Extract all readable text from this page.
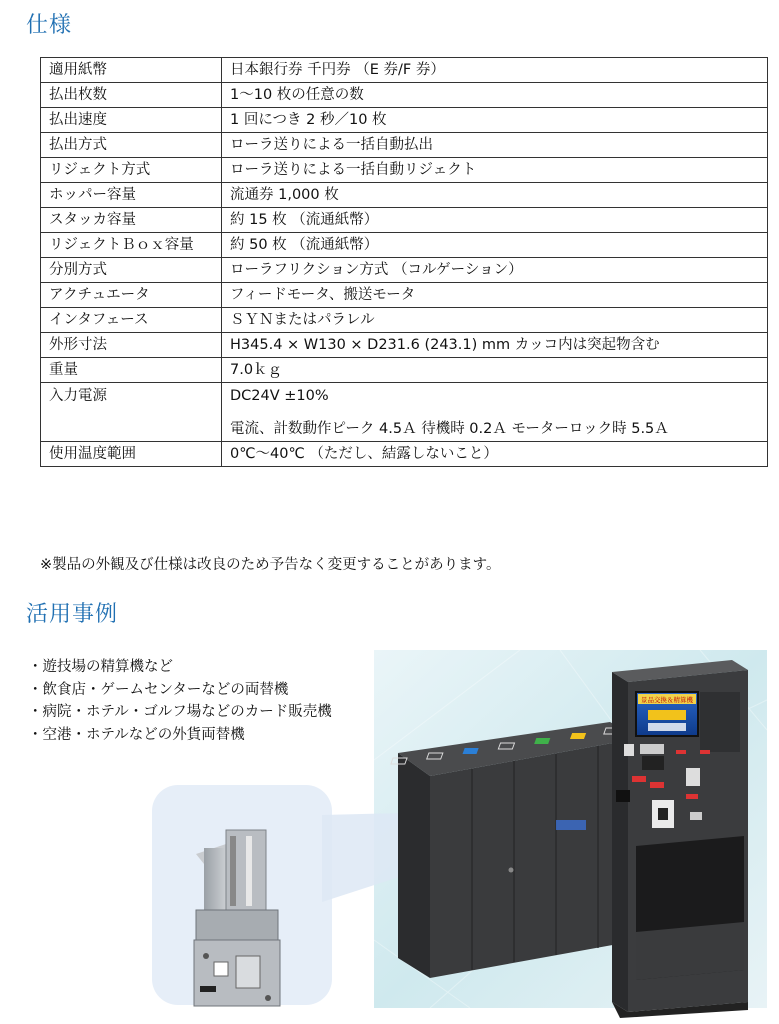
仕様
適用紙幣	日本銀行券 千円券 （E 券/F 券）
払出枚数	1～10 枚の任意の数
払出速度	1 回につき 2 秒／10 枚
払出方式	ローラ送りによる一括自動払出
リジェクト方式	ローラ送りによる一括自動リジェクト
ホッパー容量	流通券 1,000 枚
スタッカ容量	約 15 枚 （流通紙幣）
リジェクトＢｏｘ容量	約 50 枚 （流通紙幣）
分別方式	ローラフリクション方式 （コルゲーション）
アクチュエータ	フィードモータ、搬送モータ
インタフェース	ＳＹＮまたはパラレル
外形寸法	H345.4 × W130 × D231.6 (243.1) mm カッコ内は突起物含む
重量	7.0ｋｇ
入力電源	DC24V ±10%
電流、計数動作ピーク 4.5Ａ 待機時 0.2Ａ モーターロック時 5.5Ａ

使用温度範囲	0℃～40℃ （ただし、結露しないこと）
※製品の外観及び仕様は改良のため予告なく変更することがあります。
活用事例
景品交換＆精算機
・遊技場の精算機など
・飲食店・ゲームセンターなどの両替機
・病院・ホテル・ゴルフ場などのカード販売機
・空港・ホテルなどの外貨両替機
